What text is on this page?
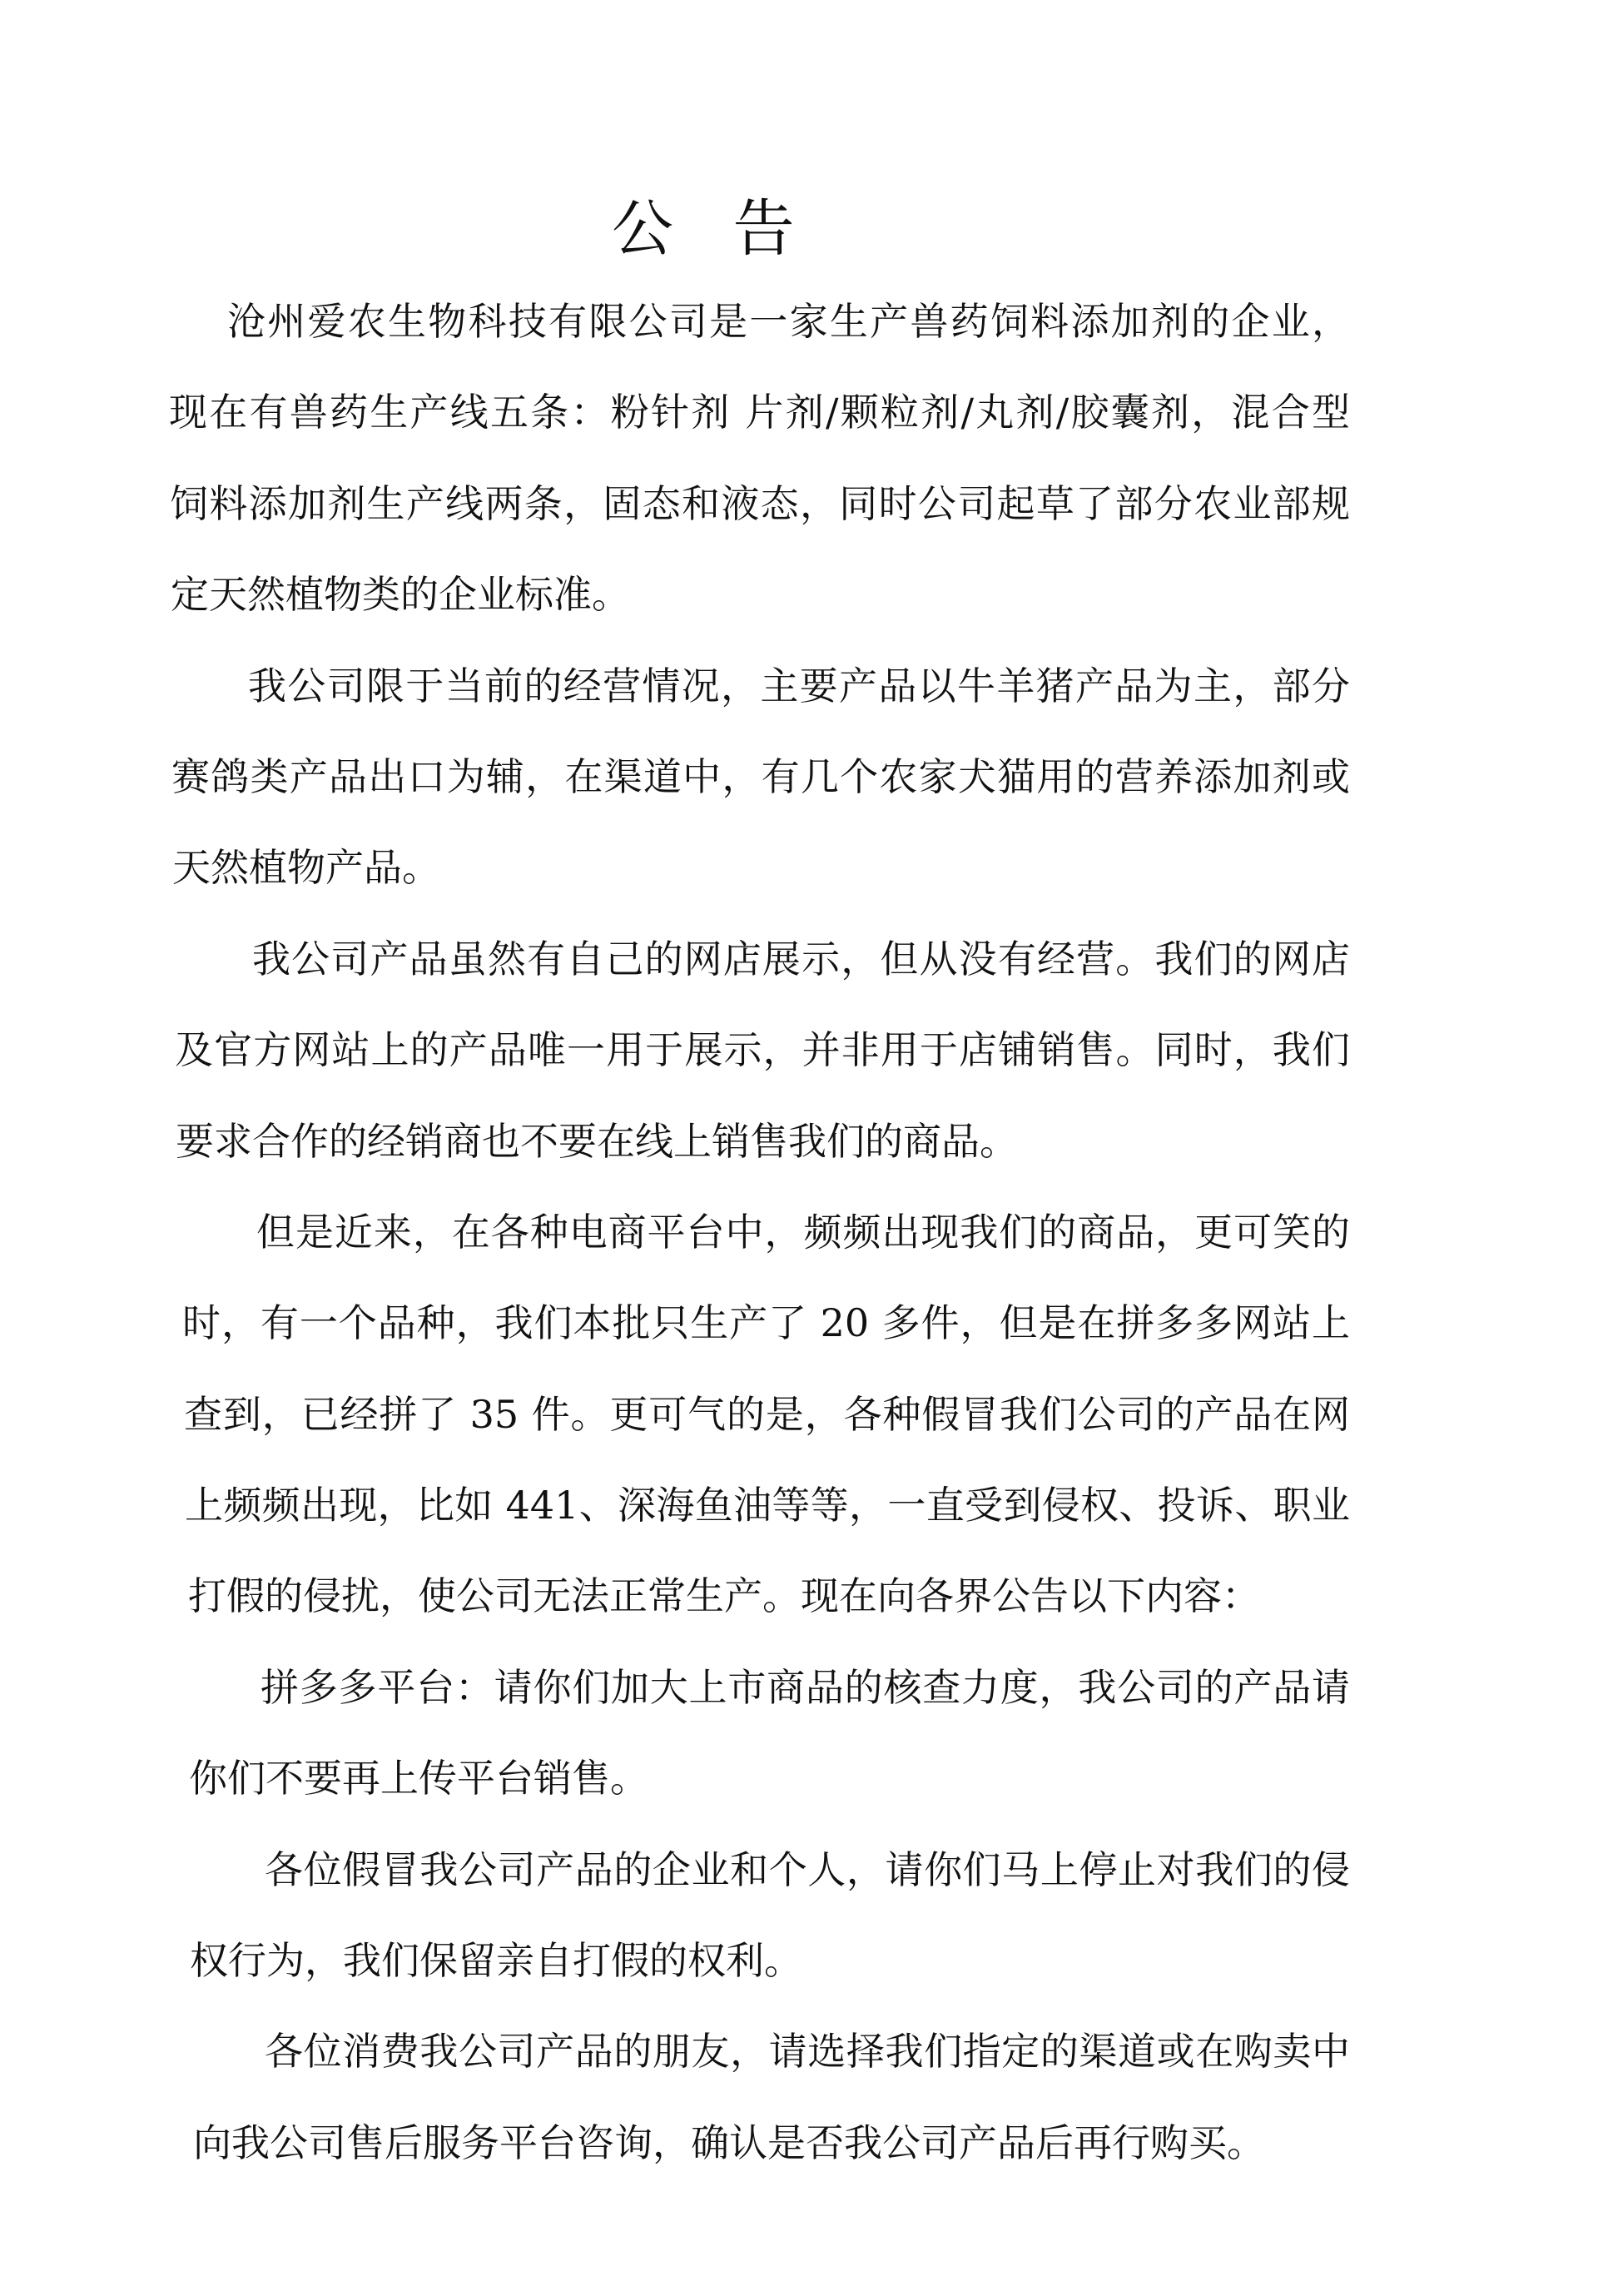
公 告
沧州爱农生物科技有限公司是一家生产兽药饲料添加剂的企业，
现在有兽药生产线五条：粉针剂 片剂/颗粒剂/丸剂/胶囊剂，混合型
饲料添加剂生产线两条，固态和液态，同时公司起草了部分农业部规
定天然植物类的企业标准。
我公司限于当前的经营情况，主要产品以牛羊猪产品为主，部分
赛鸽类产品出口为辅，在渠道中，有几个农家犬猫用的营养添加剂或
天然植物产品。
我公司产品虽然有自己的网店展示，但从没有经营。我们的网店
及官方网站上的产品唯一用于展示，并非用于店铺销售。同时，我们
要求合作的经销商也不要在线上销售我们的商品。
但是近来，在各种电商平台中，频频出现我们的商品，更可笑的
时，有一个品种，我们本批只生产了 20 多件，但是在拼多多网站上
查到，已经拼了 35 件。更可气的是，各种假冒我们公司的产品在网
上频频出现，比如 441、深海鱼油等等，一直受到侵权、投诉、职业
打假的侵扰，使公司无法正常生产。现在向各界公告以下内容：
拼多多平台：请你们加大上市商品的核查力度，我公司的产品请
你们不要再上传平台销售。
各位假冒我公司产品的企业和个人，请你们马上停止对我们的侵
权行为，我们保留亲自打假的权利。
各位消费我公司产品的朋友，请选择我们指定的渠道或在购卖中
向我公司售后服务平台咨询，确认是否我公司产品后再行购买。
